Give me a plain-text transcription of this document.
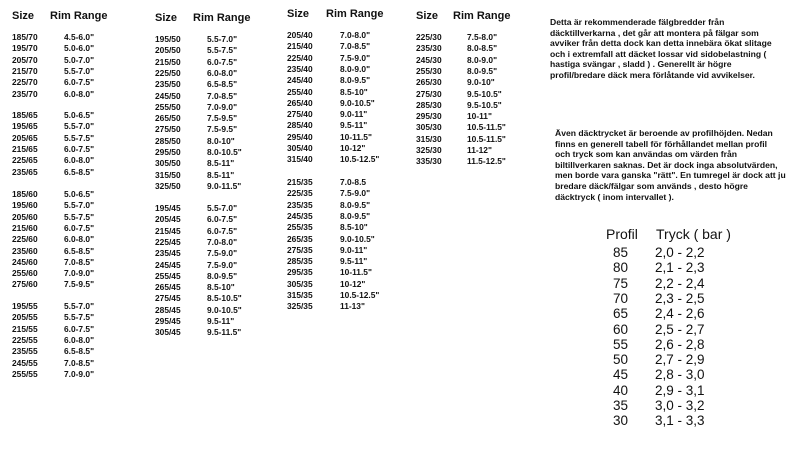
Size Rim Range
185/70	4.5-6.0"
195/70	5.0-6.0"
205/70	5.0-7.0"
215/70	5.5-7.0"
225/70	6.0-7.5"
235/70	6.0-8.0"
185/65	5.0-6.5"
195/65	5.5-7.0"
205/65	5.5-7.5"
215/65	6.0-7.5"
225/65	6.0-8.0"
235/65	6.5-8.5"
185/60	5.0-6.5"
195/60	5.5-7.0"
205/60	5.5-7.5"
215/60	6.0-7.5"
225/60	6.0-8.0"
235/60	6.5-8.5"
245/60	7.0-8.5"
255/60	7.0-9.0"
275/60	7.5-9.5"
195/55	5.5-7.0"
205/55	5.5-7.5"
215/55	6.0-7.5"
225/55	6.0-8.0"
235/55	6.5-8.5"
245/55	7.0-8.5"
255/55	7.0-9.0"
Size Rim Range
195/50	5.5-7.0"
205/50	5.5-7.5"
215/50	6.0-7.5"
225/50	6.0-8.0"
235/50	6.5-8.5"
245/50	7.0-8.5"
255/50	7.0-9.0"
265/50	7.5-9.5"
275/50	7.5-9.5"
285/50	8.0-10"
295/50	8.0-10.5"
305/50	8.5-11"
315/50	8.5-11"
325/50	9.0-11.5"
195/45	5.5-7.0"
205/45	6.0-7.5"
215/45	6.0-7.5"
225/45	7.0-8.0"
235/45	7.5-9.0"
245/45	7.5-9.0"
255/45	8.0-9.5"
265/45	8.5-10"
275/45	8.5-10.5"
285/45	9.0-10.5"
295/45	9.5-11"
305/45	9.5-11.5"
Size Rim Range
205/40	7.0-8.0"
215/40	7.0-8.5"
225/40	7.5-9.0"
235/40	8.0-9.0"
245/40	8.0-9.5"
255/40	8.5-10"
265/40	9.0-10.5"
275/40	9.0-11"
285/40	9.5-11"
295/40	10-11.5"
305/40	10-12"
315/40	10.5-12.5"
215/35	7.0-8.5
225/35	7.5-9.0"
235/35	8.0-9.5"
245/35	8.0-9.5"
255/35	8.5-10"
265/35	9.0-10.5"
275/35	9.0-11"
285/35	9.5-11"
295/35	10-11.5"
305/35	10-12"
315/35	10.5-12.5"
325/35	11-13"
Size Rim Range
225/30	7.5-8.0"
235/30	8.0-8.5"
245/30	8.0-9.0"
255/30	8.0-9.5"
265/30	9.0-10"
275/30	9.5-10.5"
285/30	9.5-10.5"
295/30	10-11"
305/30	10.5-11.5"
315/30	10.5-11.5"
325/30	11-12"
335/30	11.5-12.5"
Detta är rekommenderade fälgbredder från
däcktillverkarna , det går att montera på fälgar som
avviker från detta dock kan detta innebära ökat slitage
och i extremfall att däcket lossar vid sidobelastning (
hastiga svängar , sladd ) . Generellt är högre
profil/bredare däck mera förlåtande vid avvikelser.
Även däcktrycket är beroende av profilhöjden. Nedan
finns en generell tabell för förhållandet mellan profil
och tryck som kan användas om värden från
biltillverkaren saknas. Det är dock inga absolutvärden,
men borde vara ganska "rätt". En tumregel är dock att ju
bredare däck/fälgar som används , desto högre
däcktryck ( inom intervallet ).
Profil Tryck ( bar )
85 2,0 - 2,2
80 2,1 - 2,3
75 2,2 - 2,4
70 2,3 - 2,5
65 2,4 - 2,6
60 2,5 - 2,7
55 2,6 - 2,8
50 2,7 - 2,9
45 2,8 - 3,0
40 2,9 - 3,1
35 3,0 - 3,2
30 3,1 - 3,3
